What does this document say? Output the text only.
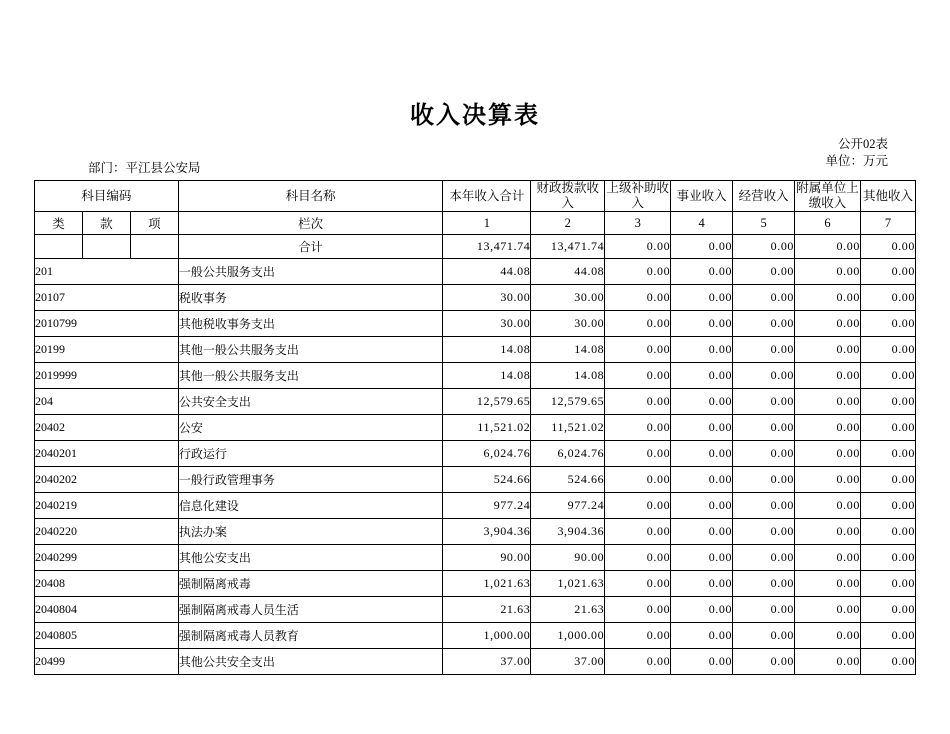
收入决算表
公开02表
单位：万元
部门：平江县公安局
科目编码			科目名称	本年收入合计	财政拨款收入	上级补助收入	事业收入	经营收入	附属单位上缴收入	其他收入

类	款	项	栏次	1	2	3	4	5	6	7
			合计	13,471.74	13,471.74	0.00	0.00	0.00	0.00	0.00
201			一般公共服务支出	44.08	44.08	0.00	0.00	0.00	0.00	0.00
20107			税收事务	30.00	30.00	0.00	0.00	0.00	0.00	0.00
2010799			其他税收事务支出	30.00	30.00	0.00	0.00	0.00	0.00	0.00
20199			其他一般公共服务支出	14.08	14.08	0.00	0.00	0.00	0.00	0.00
2019999			其他一般公共服务支出	14.08	14.08	0.00	0.00	0.00	0.00	0.00
204			公共安全支出	12,579.65	12,579.65	0.00	0.00	0.00	0.00	0.00
20402			公安	11,521.02	11,521.02	0.00	0.00	0.00	0.00	0.00
2040201			行政运行	6,024.76	6,024.76	0.00	0.00	0.00	0.00	0.00
2040202			一般行政管理事务	524.66	524.66	0.00	0.00	0.00	0.00	0.00
2040219			信息化建设	977.24	977.24	0.00	0.00	0.00	0.00	0.00
2040220			执法办案	3,904.36	3,904.36	0.00	0.00	0.00	0.00	0.00
2040299			其他公安支出	90.00	90.00	0.00	0.00	0.00	0.00	0.00
20408			强制隔离戒毒	1,021.63	1,021.63	0.00	0.00	0.00	0.00	0.00
2040804			强制隔离戒毒人员生活	21.63	21.63	0.00	0.00	0.00	0.00	0.00
2040805			强制隔离戒毒人员教育	1,000.00	1,000.00	0.00	0.00	0.00	0.00	0.00
20499			其他公共安全支出	37.00	37.00	0.00	0.00	0.00	0.00	0.00
